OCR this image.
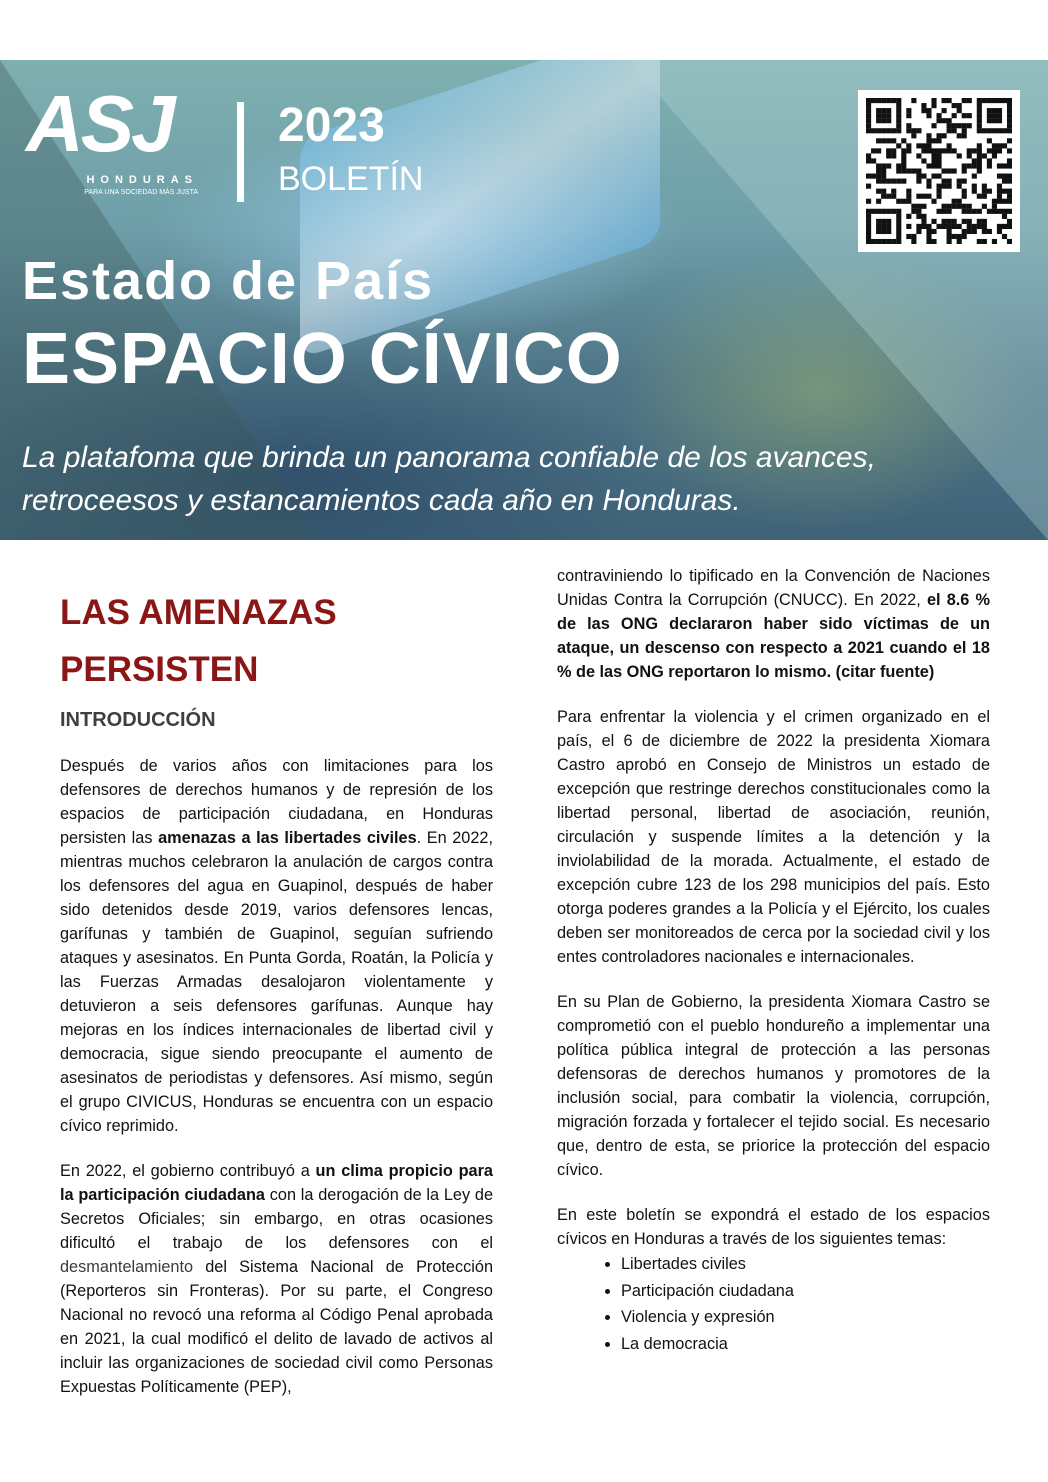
ASJ
HONDURAS
PARA UNA SOCIEDAD MÁS JUSTA
2023
BOLETÍN
Estado de País
ESPACIO CÍVICO
La platafoma que brinda un panorama confiable de los avances,
retroceesos y estancamientos cada año en Honduras.
LAS AMENAZAS
PERSISTEN
INTRODUCCIÓN

Después de varios años con limitaciones para los defensores de derechos humanos y de represión de los espacios de participación ciudadana, en Honduras persisten las amenazas a las libertades civiles. En 2022, mientras muchos celebraron la anulación de cargos contra los defensores del agua en Guapinol, después de haber sido detenidos desde 2019, varios defensores lencas, garífunas y también de Guapinol, seguían sufriendo ataques y asesinatos. En Punta Gorda, Roatán, la Policía y las Fuerzas Armadas desalojaron violentamente y detuvieron a seis defensores garífunas. Aunque hay mejoras en los índices internacionales de libertad civil y democracia, sigue siendo preocupante el aumento de asesinatos de periodistas y defensores. Así mismo, según el grupo CIVICUS, Honduras se encuentra con un espacio cívico reprimido.

En 2022, el gobierno contribuyó a un clima propicio para la participación ciudadana con la derogación de la Ley de Secretos Oficiales; sin embargo, en otras ocasiones dificultó el trabajo de los defensores con el desmantelamiento del Sistema Nacional de Protección (Reporteros sin Fronteras). Por su parte, el Congreso Nacional no revocó una reforma al Código Penal aprobada en 2021, la cual modificó el delito de lavado de activos al incluir las organizaciones de sociedad civil como Personas Expuestas Políticamente (PEP),

contraviniendo lo tipificado en la Convención de Naciones Unidas Contra la Corrupción (CNUCC). En 2022, el 8.6 % de las ONG declararon haber sido víctimas de un ataque, un descenso con respecto a 2021 cuando el 18 % de las ONG reportaron lo mismo. (citar fuente)

Para enfrentar la violencia y el crimen organizado en el país, el 6 de diciembre de 2022 la presidenta Xiomara Castro aprobó en Consejo de Ministros un estado de excepción que restringe derechos constitucionales como la libertad personal, libertad de asociación, reunión, circulación y suspende límites a la detención y la inviolabilidad de la morada. Actualmente, el estado de excepción cubre 123 de los 298 municipios del país. Esto otorga poderes grandes a la Policía y el Ejército, los cuales deben ser monitoreados de cerca por la sociedad civil y los entes controladores nacionales e internacionales.

En su Plan de Gobierno, la presidenta Xiomara Castro se comprometió con el pueblo hondureño a implementar una política pública integral de protección a las personas defensoras de derechos humanos y promotores de la inclusión social, para combatir la violencia, corrupción, migración forzada y fortalecer el tejido social. Es necesario que, dentro de esta, se priorice la protección del espacio cívico.

En este boletín se expondrá el estado de los espacios cívicos en Honduras a través de los siguientes temas:

• Libertades civiles
• Participación ciudadana
• Violencia y expresión
• La democracia
